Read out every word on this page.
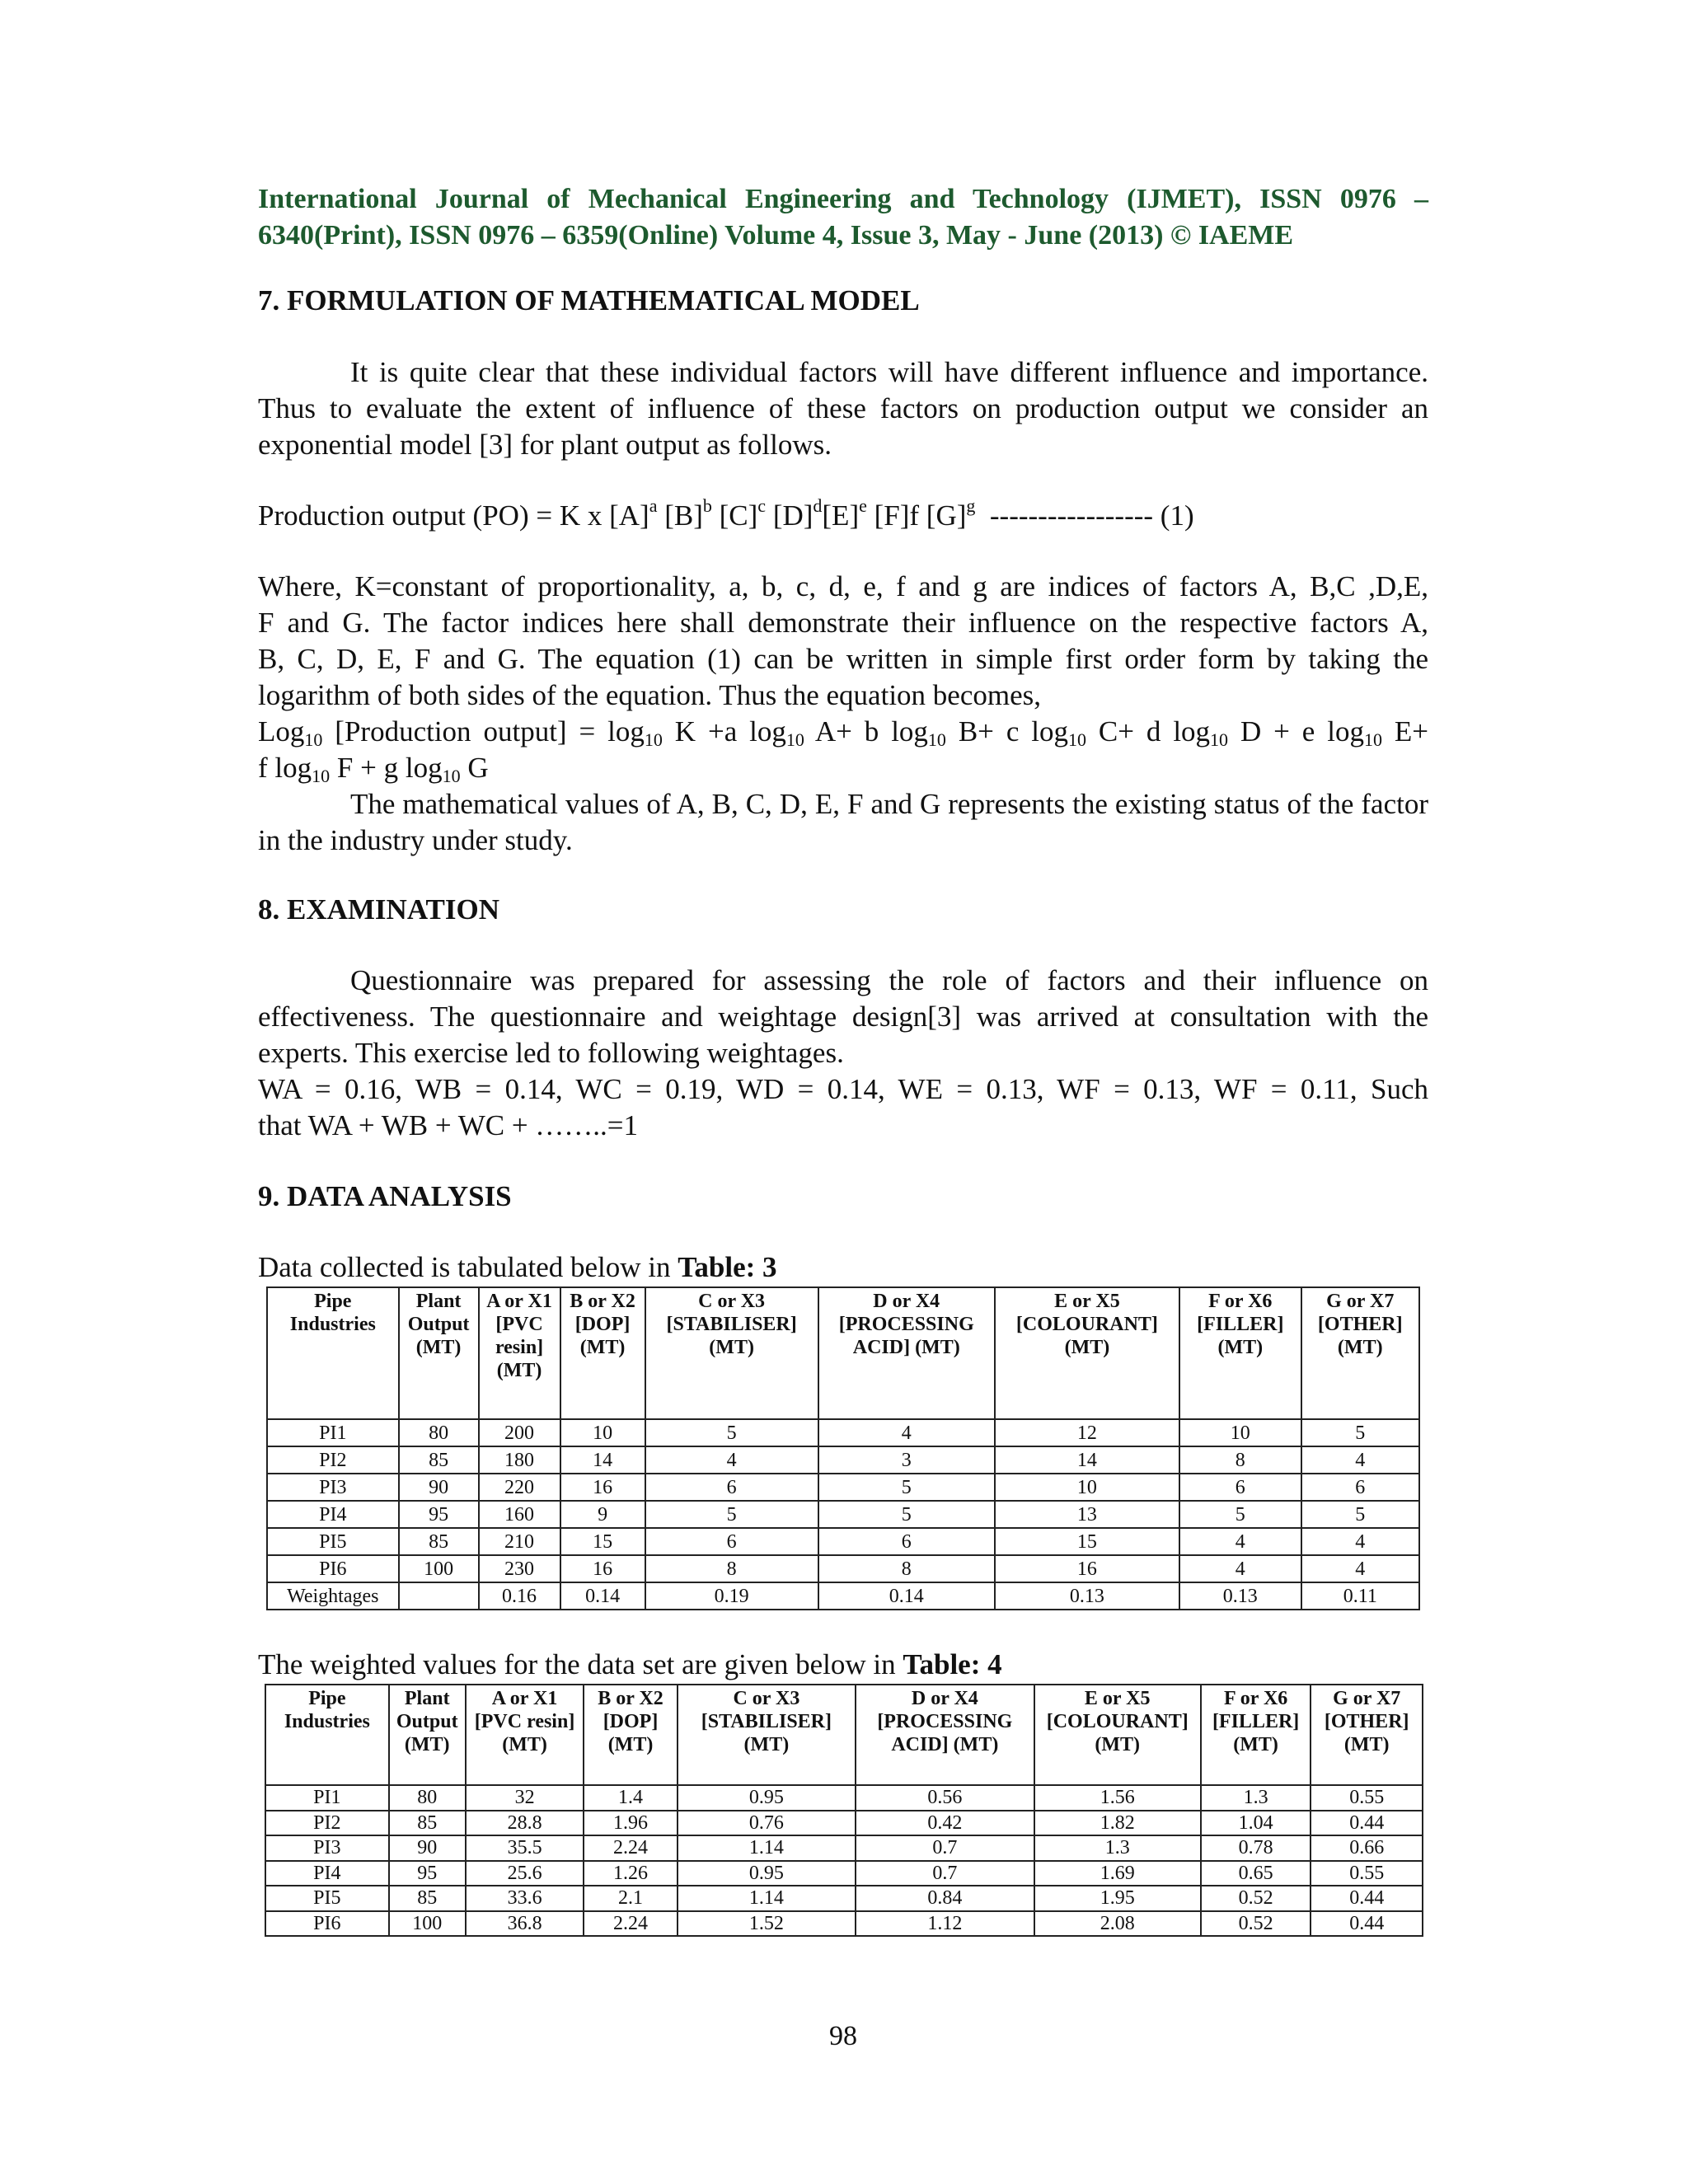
International Journal of Mechanical Engineering and Technology (IJMET), ISSN 0976 –
6340(Print), ISSN 0976 – 6359(Online) Volume 4, Issue 3, May - June (2013) © IAEME
7. FORMULATION OF MATHEMATICAL MODEL
It is quite clear that these individual factors will have different influence and importance. Thus to evaluate the extent of influence of these factors on production output we consider an exponential model [3] for plant output as follows.
Production output (PO) = K x $[A]^a$ $[B]^b$ $[C]^c$ $[D]^d[E]^e$ [F]f $[G]^g$  ----------------- (1)
Where, K=constant of proportionality, a, b, c, d, e, f and g are indices of factors A, B,C ,D,E,
F and G. The factor indices here shall demonstrate their influence on the respective factors A,
B, C, D, E, F and G. The equation (1) can be written in simple first order form by taking the
logarithm of both sides of the equation. Thus the equation becomes,
Log$_{10}$ [Production output] = $\log_{10} K +a$ $\log_{10} A+ b$ $\log_{10} B+ c$ $\log_{10} C+ d$ $\log_{10} D + e$ $\log_{10} E+$
f $\log_{10} F + g$ $\log_{10} G$
The mathematical values of A, B, C, D, E, F and G represents the existing status of the factor in the industry under study.
8. EXAMINATION
Questionnaire was prepared for assessing the role of factors and their influence on effectiveness. The questionnaire and weightage design[3] was arrived at consultation with the experts. This exercise led to following weightages.
WA = 0.16, WB = 0.14, WC = 0.19, WD = 0.14, WE = 0.13, WF = 0.13, WF = 0.11, Such
that WA + WB + WC + ……..=1
9. DATA ANALYSIS
Data collected is tabulated below in Table: 3
Pipe Industries	Plant Output (MT)	A or X1 [PVC resin] (MT)	B or X2 [DOP] (MT)	C or X3 [STABILISER] (MT)	D or X4 [PROCESSING ACID] (MT)	E or X5 [COLOURANT] (MT)	F or X6 [FILLER] (MT)	G or X7 [OTHER] (MT)
PI1	80	200	10	5	4	12	10	5
PI2	85	180	14	4	3	14	8	4
PI3	90	220	16	6	5	10	6	6
PI4	95	160	9	5	5	13	5	5
PI5	85	210	15	6	6	15	4	4
PI6	100	230	16	8	8	16	4	4
Weightages		0.16	0.14	0.19	0.14	0.13	0.13	0.11
The weighted values for the data set are given below in Table: 4
Pipe Industries	Plant Output (MT)	A or X1 [PVC resin] (MT)	B or X2 [DOP] (MT)	C or X3 [STABILISER] (MT)	D or X4 [PROCESSING ACID] (MT)	E or X5 [COLOURANT] (MT)	F or X6 [FILLER] (MT)	G or X7 [OTHER] (MT)
PI1	80	32	1.4	0.95	0.56	1.56	1.3	0.55
PI2	85	28.8	1.96	0.76	0.42	1.82	1.04	0.44
PI3	90	35.5	2.24	1.14	0.7	1.3	0.78	0.66
PI4	95	25.6	1.26	0.95	0.7	1.69	0.65	0.55
PI5	85	33.6	2.1	1.14	0.84	1.95	0.52	0.44
PI6	100	36.8	2.24	1.52	1.12	2.08	0.52	0.44
98
